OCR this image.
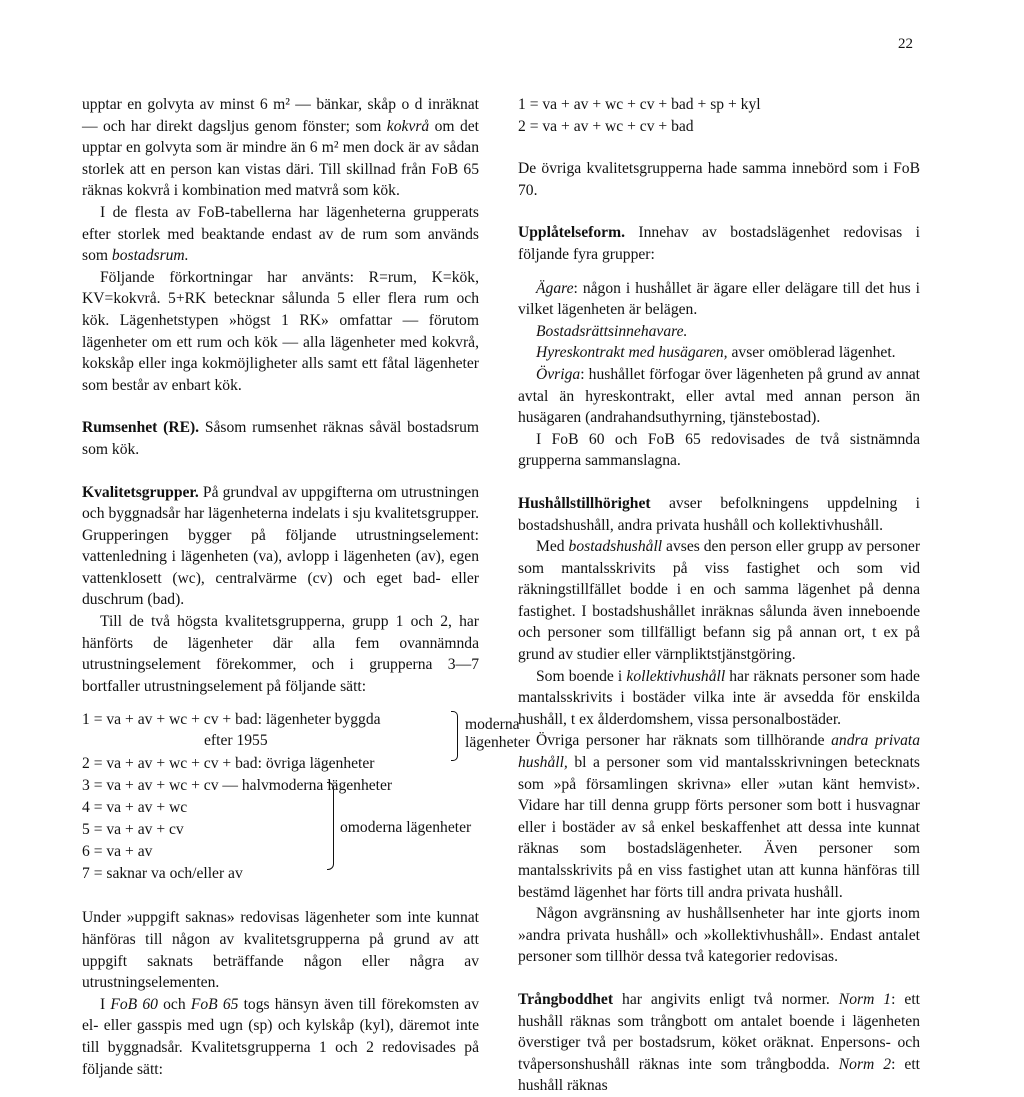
22

upptar en golvyta av minst 6 m² — bänkar, skåp o d inräknat — och har direkt dagsljus genom fönster; som kokvrå om det upptar en golvyta som är mindre än 6 m² men dock är av sådan storlek att en person kan vistas däri. Till skillnad från FoB 65 räknas kokvrå i kombination med matvrå som kök.

I de flesta av FoB-tabellerna har lägenheterna grupperats efter storlek med beaktande endast av de rum som används som bostadsrum.

Följande förkortningar har använts: R=rum, K=kök, KV=kokvrå. 5+RK betecknar sålunda 5 eller flera rum och kök. Lägenhetstypen »högst 1 RK» omfattar — förutom lägenheter om ett rum och kök — alla lägenheter med kokvrå, kokskåp eller inga kokmöjligheter alls samt ett fåtal lägenheter som består av enbart kök.

Rumsenhet (RE). Såsom rumsenhet räknas såväl bostadsrum som kök.

Kvalitetsgrupper. På grundval av uppgifterna om utrustningen och byggnadsår har lägenheterna indelats i sju kvalitetsgrupper. Grupperingen bygger på följande utrustningselement: vattenledning i lägenheten (va), avlopp i lägenheten (av), egen vattenklosett (wc), centralvärme (cv) och eget bad- eller duschrum (bad).

Till de två högsta kvalitetsgrupperna, grupp 1 och 2, har hänförts de lägenheter där alla fem ovannämnda utrustningselement förekommer, och i grupperna 3—7 bortfaller utrustningselement på följande sätt:

1 = va + av + wc + cv + bad: lägenheter byggda
efter 1955
2 = va + av + wc + cv + bad: övriga lägenheter
moderna
lägenheter
3 = va + av + wc + cv — halvmoderna lägenheter
4 = va + av + wc
5 = va + av + cv
6 = va + av
7 = saknar va och/eller av
omoderna lägenheter

Under »uppgift saknas» redovisas lägenheter som inte kunnat hänföras till någon av kvalitetsgrupperna på grund av att uppgift saknats beträffande någon eller några av utrustningselementen.

I FoB 60 och FoB 65 togs hänsyn även till förekomsten av el- eller gasspis med ugn (sp) och kylskåp (kyl), däremot inte till byggnadsår. Kvalitetsgrupperna 1 och 2 redovisades på följande sätt:

1 = va + av + wc + cv + bad + sp + kyl

2 = va + av + wc + cv + bad

De övriga kvalitetsgrupperna hade samma innebörd som i FoB 70.

Upplåtelseform. Innehav av bostadslägenhet redovisas i följande fyra grupper:

Ägare: någon i hushållet är ägare eller delägare till det hus i vilket lägenheten är belägen.

Bostadsrättsinnehavare.

Hyreskontrakt med husägaren, avser omöblerad lägenhet.

Övriga: hushållet förfogar över lägenheten på grund av annat avtal än hyreskontrakt, eller avtal med annan person än husägaren (andrahandsuthyrning, tjänstebostad).

I FoB 60 och FoB 65 redovisades de två sistnämnda grupperna sammanslagna.

Hushållstillhörighet avser befolkningens uppdelning i bostadshushåll, andra privata hushåll och kollektivhushåll.

Med bostadshushåll avses den person eller grupp av personer som mantalsskrivits på viss fastighet och som vid räkningstillfället bodde i en och samma lägenhet på denna fastighet. I bostadshushållet inräknas sålunda även inneboende och personer som tillfälligt befann sig på annan ort, t ex på grund av studier eller värnpliktstjänstgöring.

Som boende i kollektivhushåll har räknats personer som hade mantalsskrivits i bostäder vilka inte är avsedda för enskilda hushåll, t ex ålderdomshem, vissa personalbostäder.

Övriga personer har räknats som tillhörande andra privata hushåll, bl a personer som vid mantalsskrivningen betecknats som »på församlingen skrivna» eller »utan känt hemvist». Vidare har till denna grupp förts personer som bott i husvagnar eller i bostäder av så enkel beskaffenhet att dessa inte kunnat räknas som bostadslägenheter. Även personer som mantalsskrivits på en viss fastighet utan att kunna hänföras till bestämd lägenhet har förts till andra privata hushåll.

Någon avgränsning av hushållsenheter har inte gjorts inom »andra privata hushåll» och »kollektivhushåll». Endast antalet personer som tillhör dessa två kategorier redovisas.

Trångboddhet har angivits enligt två normer. Norm 1: ett hushåll räknas som trångbott om antalet boende i lägenheten överstiger två per bostadsrum, köket oräknat. Enpersons- och tvåpersonshushåll räknas inte som trångbodda. Norm 2: ett hushåll räknas
